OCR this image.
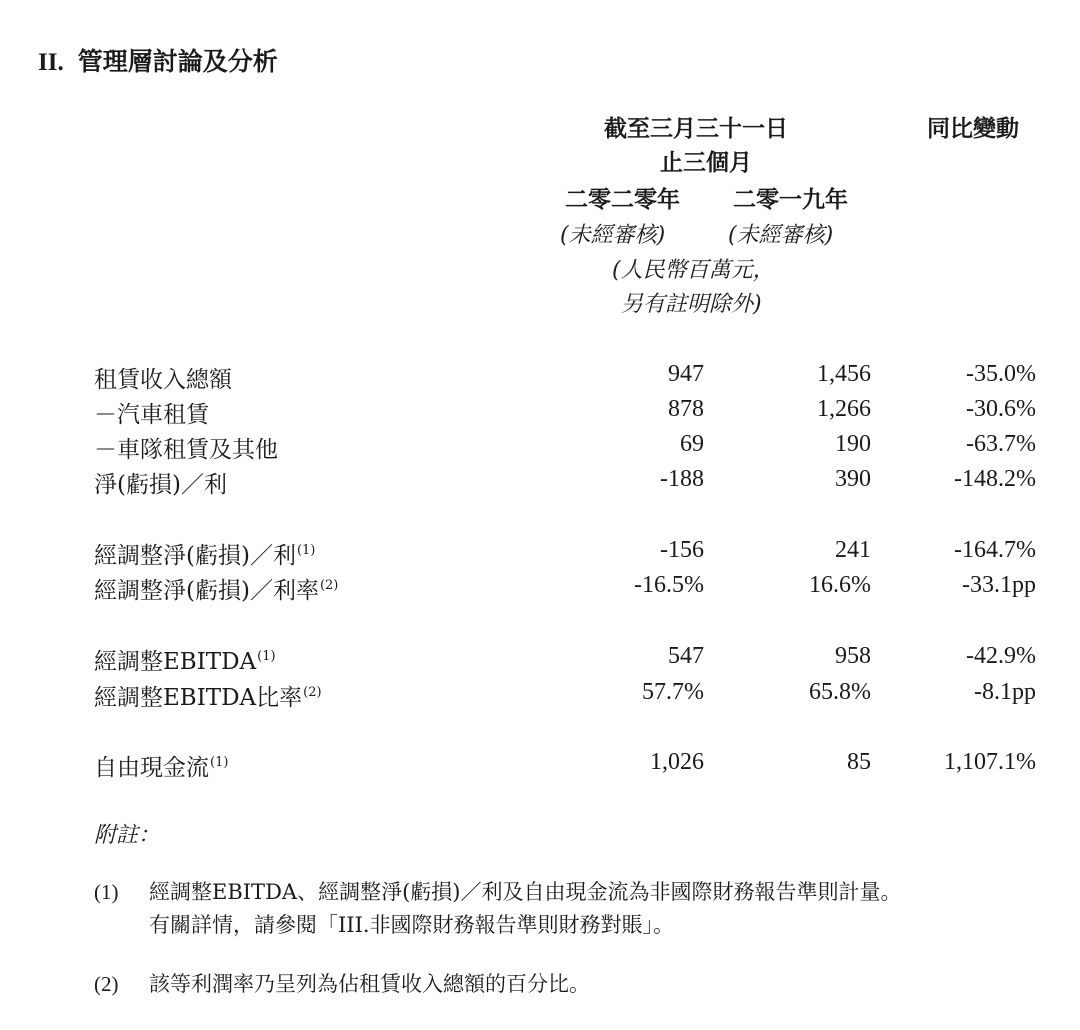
II. 管理層討論及分析
截至三月三十一日	同比變動
止三個月
二零二零年 二零一九年
(未經審核)	(未經審核)
(人民幣百萬元，
另有註明除外)
租賃收入總額	947	1,456	-35.0%
－汽車租賃	878	1,266	-30.6%
－車隊租賃及其他	69	190	-63.7%
淨(虧損)／利	-188	390	-148.2%
經調整淨(虧損)／利$^{(1)}$	-156	241	-164.7%
經調整淨(虧損)／利率$^{(2)}$	-16.5%	16.6%	-33.1pp
經調整EBITDA$^{(1)}$	547	958	-42.9%
經調整EBITDA比率$^{(2)}$	57.7%	65.8%	-8.1pp
自由現金流$^{(1)}$	1,026	85	1,107.1%
附註：
(1) 經調整EBITDA、經調整淨(虧損)／利及自由現金流為非國際財務報告準則計量。
有關詳情，請參閱「III.非國際財務報告準則財務對賬」。
(2) 該等利潤率乃呈列為佔租賃收入總額的百分比。
